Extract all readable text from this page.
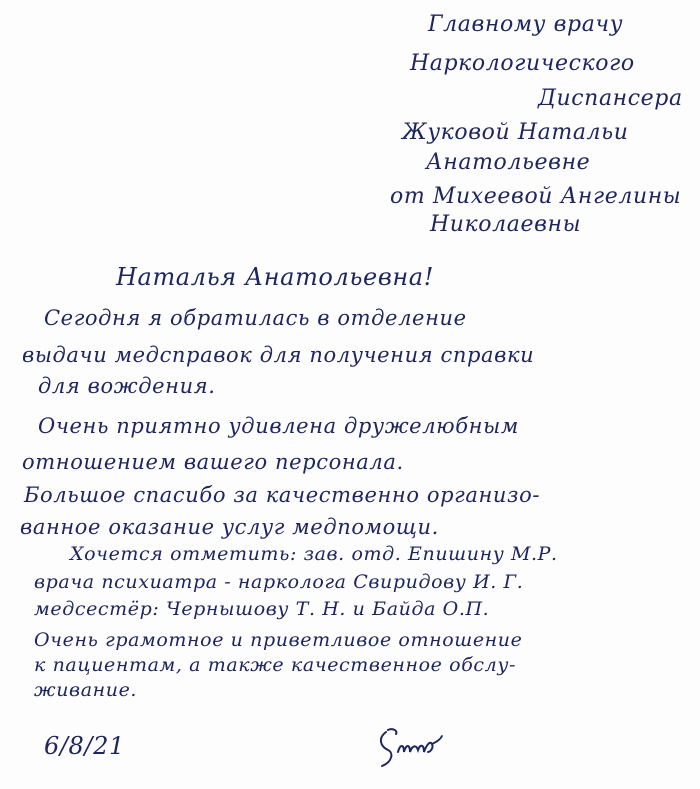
Главному врачу
Наркологического
Диспансера
Жуковой Натальи
Анатольевне
от Михеевой Ангелины
Николаевны
Наталья Анатольевна!
Сегодня я обратилась в отделение
выдачи медсправок для получения справки
для вождения.
Очень приятно удивлена дружелюбным
отношением вашего персонала.
Большое спасибо за качественно организо-
ванное оказание услуг медпомощи.
Хочется отметить: зав. отд. Епишину М.Р.
врача психиатра - нарколога Свиридову И. Г.
медсестёр: Чернышову Т. Н. и Байда О.П.
Очень грамотное и приветливое отношение
к пациентам, а также качественное обслу-
живание.
6/8/21
